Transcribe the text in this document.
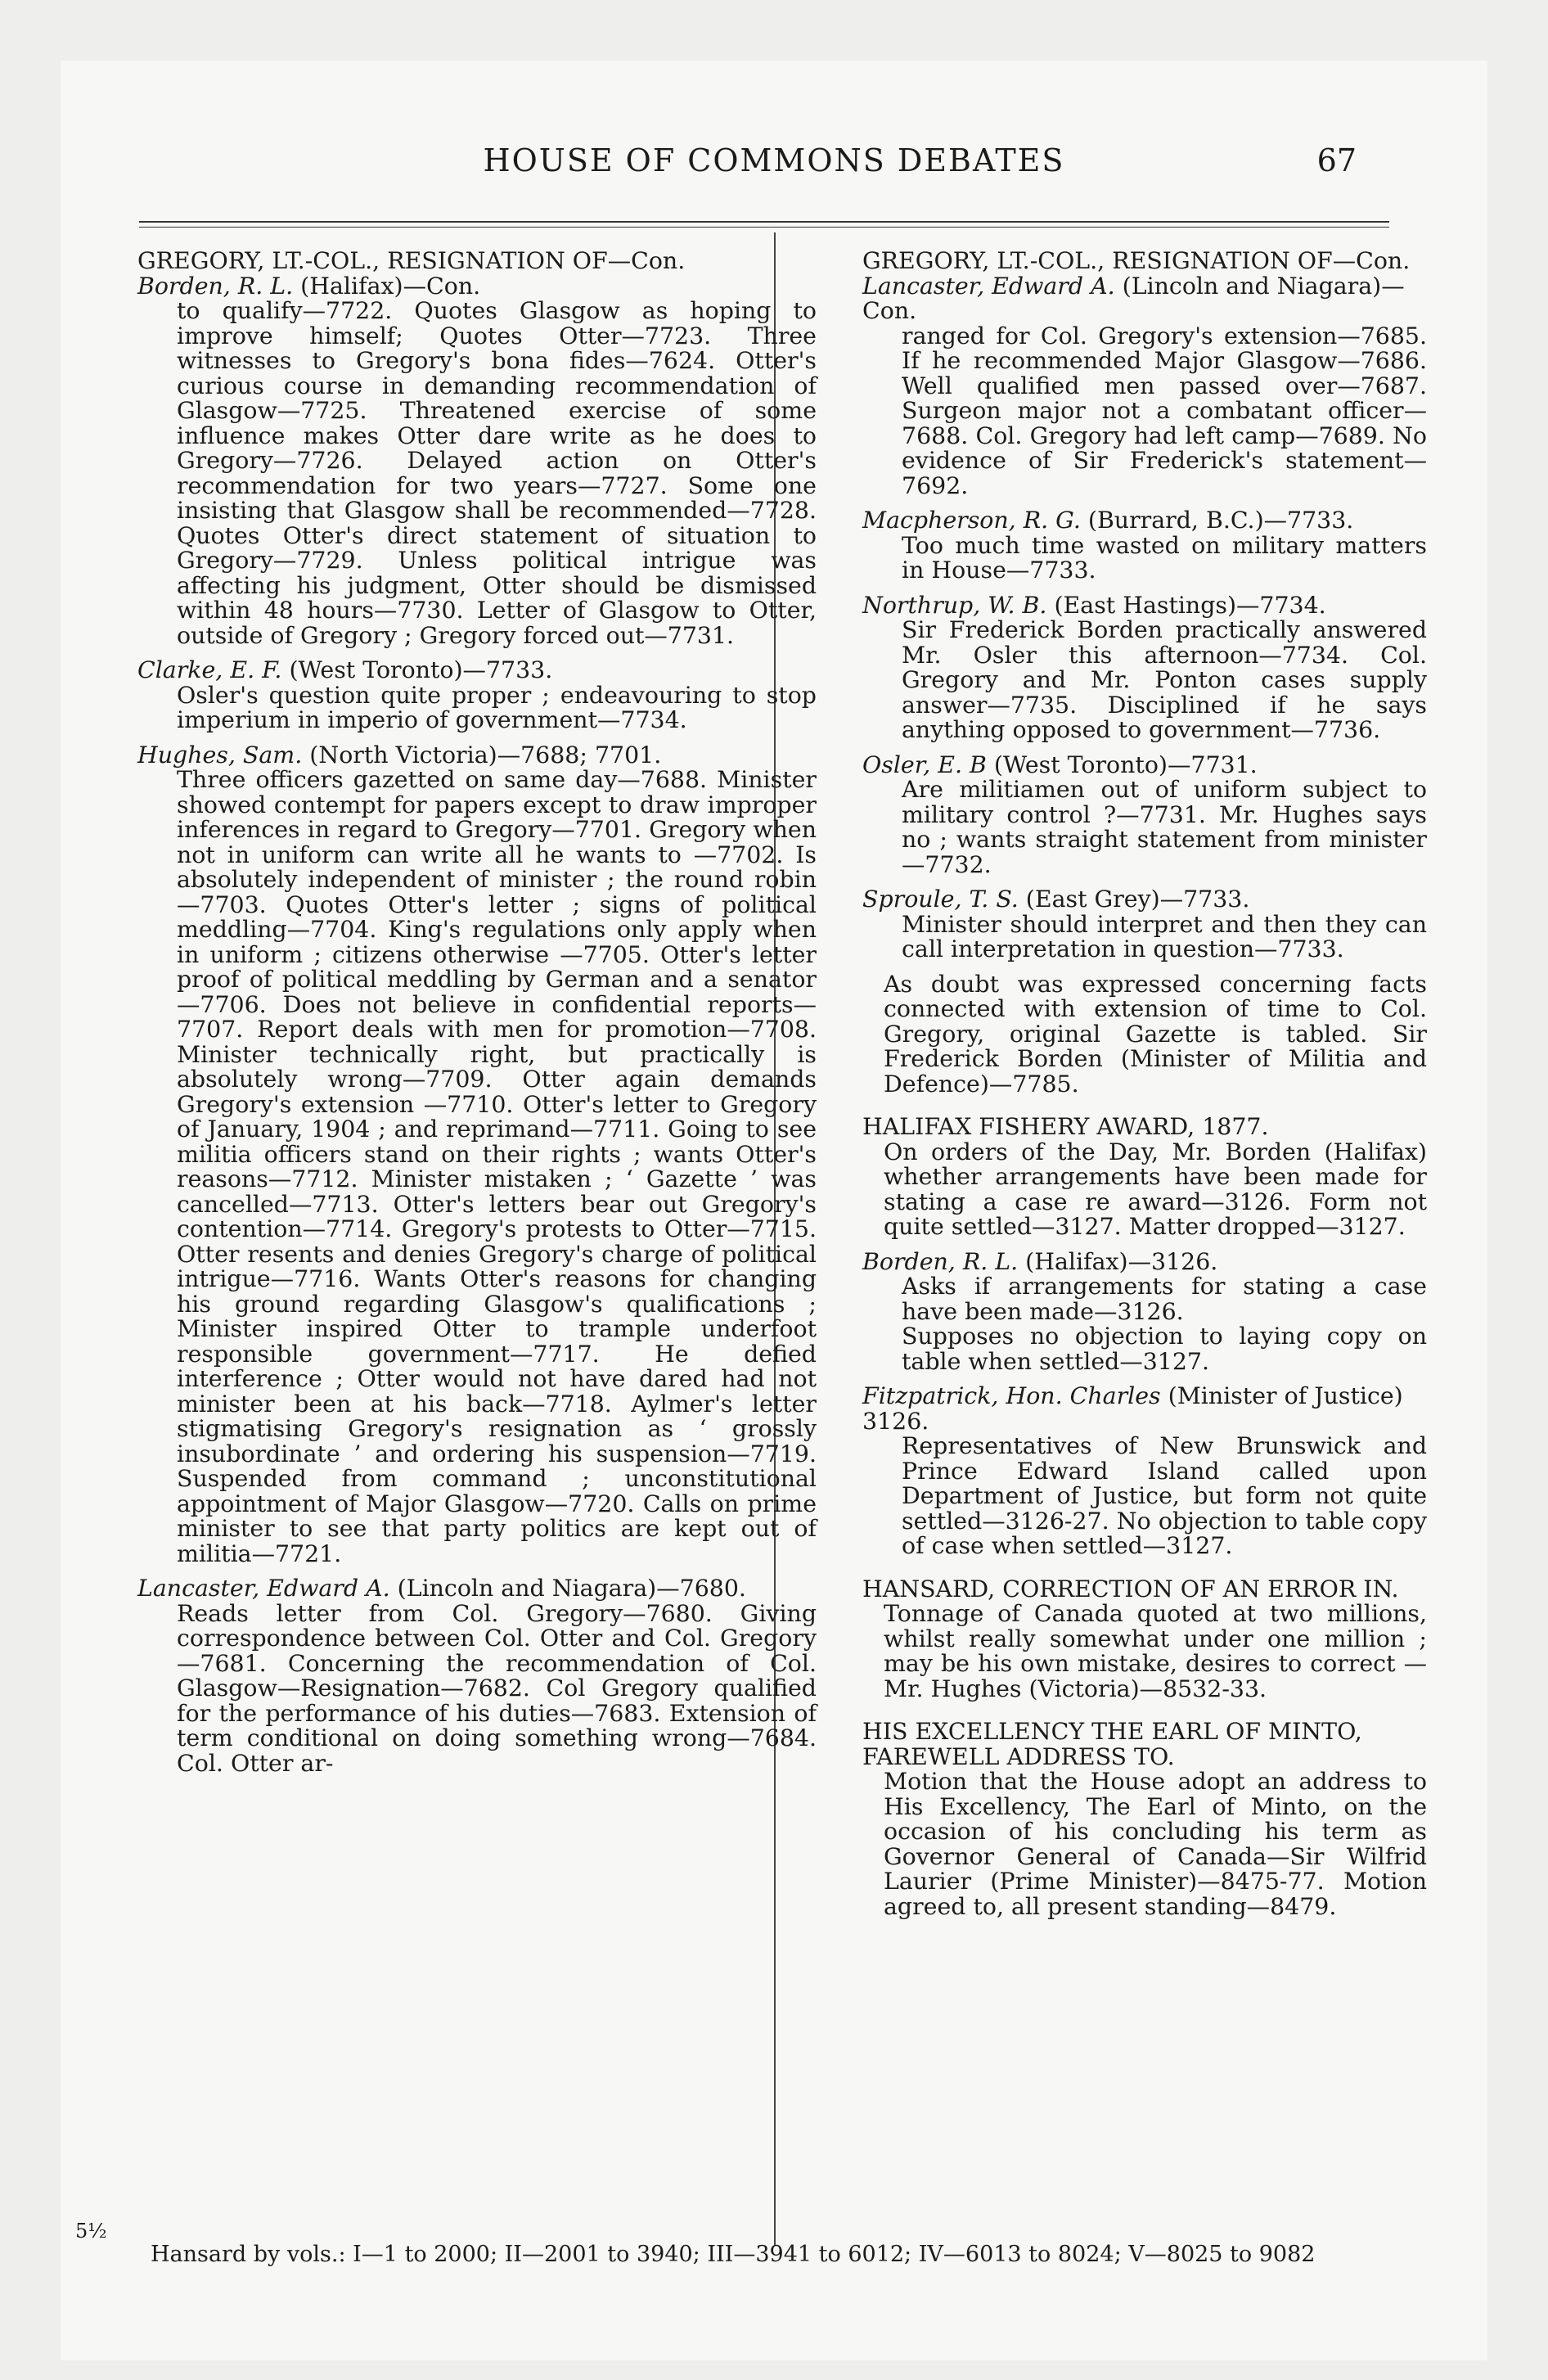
HOUSE OF COMMONS DEBATES	67

GREGORY, LT.-COL., RESIGNATION OF—Con.

Borden, R. L. (Halifax)—Con.

to qualify—7722. Quotes Glasgow as hoping to improve himself; Quotes Otter—7723. Three witnesses to Gregory's bona fides—7624. Otter's curious course in demanding recommendation of Glasgow—7725. Threatened exercise of some influence makes Otter dare write as he does to Gregory—7726. Delayed action on Otter's recommendation for two years—7727. Some one insisting that Glasgow shall be recommended—7728. Quotes Otter's direct statement of situation to Gregory—7729. Unless political intrigue was affecting his judgment, Otter should be dismissed within 48 hours—7730. Letter of Glasgow to Otter, outside of Gregory ; Gregory forced out—7731.

Clarke, E. F. (West Toronto)—7733.

Osler's question quite proper ; endeavouring to stop imperium in imperio of government—7734.

Hughes, Sam. (North Victoria)—7688; 7701.

Three officers gazetted on same day—7688. Minister showed contempt for papers except to draw improper inferences in regard to Gregory—7701. Gregory when not in uniform can write all he wants to —7702. Is absolutely independent of minister ; the round robin—7703. Quotes Otter's letter ; signs of political meddling—7704. King's regulations only apply when in uniform ; citizens otherwise —7705. Otter's letter proof of political meddling by German and a senator—7706. Does not believe in confidential reports—7707. Report deals with men for promotion—7708. Minister technically right, but practically is absolutely wrong—7709. Otter again demands Gregory's extension —7710. Otter's letter to Gregory of January, 1904 ; and reprimand—7711. Going to see militia officers stand on their rights ; wants Otter's reasons—7712. Minister mistaken ; ‘ Gazette ’ was cancelled—7713. Otter's letters bear out Gregory's contention—7714. Gregory's protests to Otter—7715. Otter resents and denies Gregory's charge of political intrigue—7716. Wants Otter's reasons for changing his ground regarding Glasgow's qualifications ; Minister inspired Otter to trample underfoot responsible government—7717. He defied interference ; Otter would not have dared had not minister been at his back—7718. Aylmer's letter stigmatising Gregory's resignation as ‘ grossly insubordinate ’ and ordering his suspension—7719. Suspended from command ; unconstitutional appointment of Major Glasgow—7720. Calls on prime minister to see that party politics are kept out of militia—7721.

Lancaster, Edward A. (Lincoln and Niagara)—7680.

Reads letter from Col. Gregory—7680. Giving correspondence between Col. Otter and Col. Gregory—7681. Concerning the recommendation of Col. Glasgow—Resignation—7682. Col Gregory qualified for the performance of his duties—7683. Extension of term conditional on doing something wrong—7684. Col. Otter ar-

GREGORY, LT.-COL., RESIGNATION OF—Con.

Lancaster, Edward A. (Lincoln and Niagara)—Con.

ranged for Col. Gregory's extension—7685. If he recommended Major Glasgow—7686. Well qualified men passed over—7687. Surgeon major not a combatant officer—7688. Col. Gregory had left camp—7689. No evidence of Sir Frederick's statement—7692.

Macpherson, R. G. (Burrard, B.C.)—7733.

Too much time wasted on military matters in House—7733.

Northrup, W. B. (East Hastings)—7734.

Sir Frederick Borden practically answered Mr. Osler this afternoon—7734. Col. Gregory and Mr. Ponton cases supply answer—7735. Disciplined if he says anything opposed to government—7736.

Osler, E. B (West Toronto)—7731.

Are militiamen out of uniform subject to military control ?—7731. Mr. Hughes says no ; wants straight statement from minister—7732.

Sproule, T. S. (East Grey)—7733.

Minister should interpret and then they can call interpretation in question—7733.

As doubt was expressed concerning facts connected with extension of time to Col. Gregory, original Gazette is tabled. Sir Frederick Borden (Minister of Militia and Defence)—7785.

HALIFAX FISHERY AWARD, 1877.

On orders of the Day, Mr. Borden (Halifax) whether arrangements have been made for stating a case re award—3126. Form not quite settled—3127. Matter dropped—3127.

Borden, R. L. (Halifax)—3126.

Asks if arrangements for stating a case have been made—3126.

Supposes no objection to laying copy on table when settled—3127.

Fitzpatrick, Hon. Charles (Minister of Justice) 3126.

Representatives of New Brunswick and Prince Edward Island called upon Department of Justice, but form not quite settled—3126-27. No objection to table copy of case when settled—3127.

HANSARD, CORRECTION OF AN ERROR IN.

Tonnage of Canada quoted at two millions, whilst really somewhat under one million ; may be his own mistake, desires to correct —Mr. Hughes (Victoria)—8532-33.

HIS EXCELLENCY THE EARL OF MINTO, FAREWELL ADDRESS TO.

Motion that the House adopt an address to His Excellency, The Earl of Minto, on the occasion of his concluding his term as Governor General of Canada—Sir Wilfrid Laurier (Prime Minister)—8475-77. Motion agreed to, all present standing—8479.

5½
Hansard by vols.: I—1 to 2000; II—2001 to 3940; III—3941 to 6012; IV—6013 to 8024; V—8025 to 9082
